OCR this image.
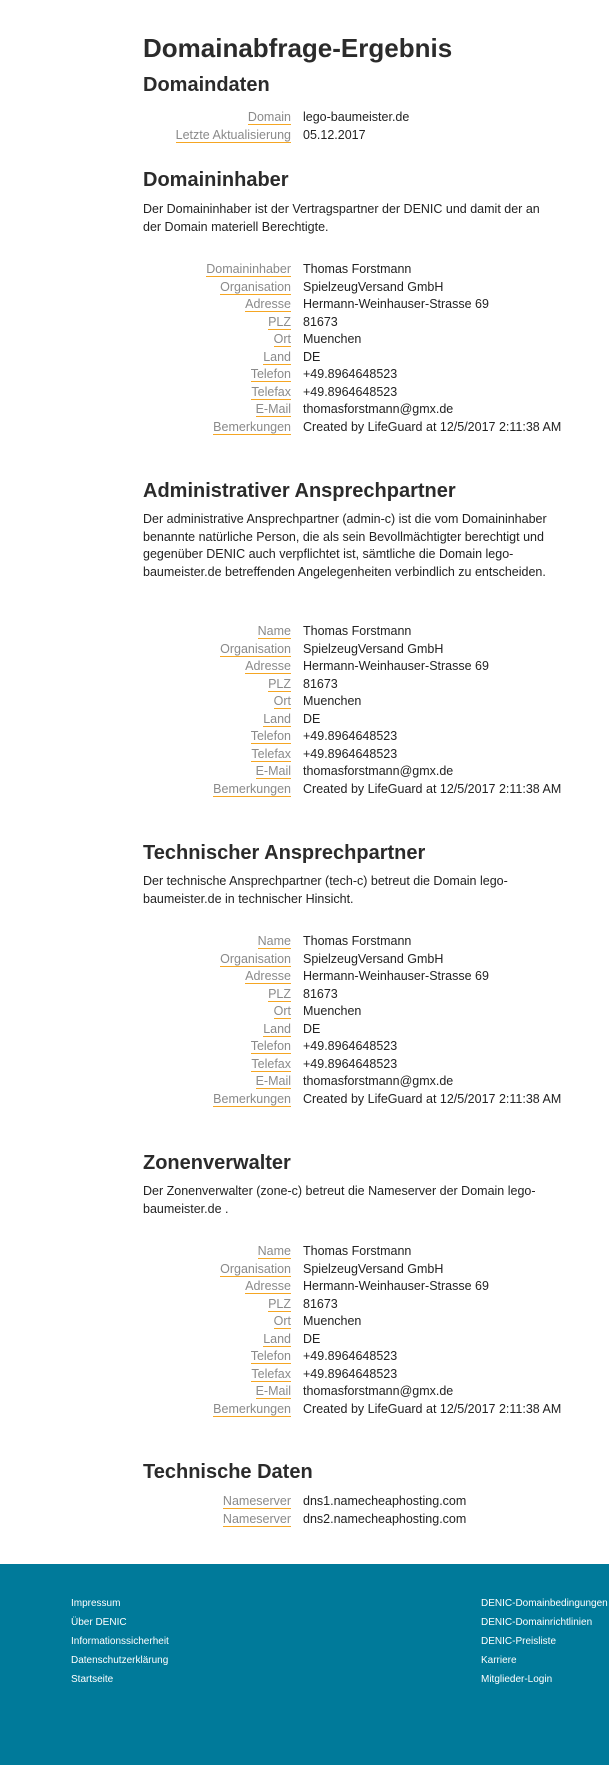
Domainabfrage-Ergebnis
Domaindaten
Domain lego-baumeister.de
Letzte Aktualisierung 05.12.2017
Domaininhaber

Der Domaininhaber ist der Vertragspartner der DENIC und damit der an der Domain materiell Berechtigte.

Domaininhaber Thomas Forstmann
Organisation SpielzeugVersand GmbH
Adresse Hermann-Weinhauser-Strasse 69
PLZ 81673
Ort Muenchen
Land DE
Telefon +49.8964648523
Telefax +49.8964648523
E-Mail thomasforstmann@gmx.de
Bemerkungen Created by LifeGuard at 12/5/2017 2:11:38 AM
Administrativer Ansprechpartner

Der administrative Ansprechpartner (admin-c) ist die vom Domaininhaber benannte natürliche Person, die als sein Bevollmächtigter berechtigt und gegenüber DENIC auch verpflichtet ist, sämtliche die Domain lego-baumeister.de betreffenden Angelegenheiten verbindlich zu entscheiden.

Name Thomas Forstmann
Organisation SpielzeugVersand GmbH
Adresse Hermann-Weinhauser-Strasse 69
PLZ 81673
Ort Muenchen
Land DE
Telefon +49.8964648523
Telefax +49.8964648523
E-Mail thomasforstmann@gmx.de
Bemerkungen Created by LifeGuard at 12/5/2017 2:11:38 AM
Technischer Ansprechpartner

Der technische Ansprechpartner (tech-c) betreut die Domain lego-baumeister.de in technischer Hinsicht.

Name Thomas Forstmann
Organisation SpielzeugVersand GmbH
Adresse Hermann-Weinhauser-Strasse 69
PLZ 81673
Ort Muenchen
Land DE
Telefon +49.8964648523
Telefax +49.8964648523
E-Mail thomasforstmann@gmx.de
Bemerkungen Created by LifeGuard at 12/5/2017 2:11:38 AM
Zonenverwalter

Der Zonenverwalter (zone-c) betreut die Nameserver der Domain lego-baumeister.de .

Name Thomas Forstmann
Organisation SpielzeugVersand GmbH
Adresse Hermann-Weinhauser-Strasse 69
PLZ 81673
Ort Muenchen
Land DE
Telefon +49.8964648523
Telefax +49.8964648523
E-Mail thomasforstmann@gmx.de
Bemerkungen Created by LifeGuard at 12/5/2017 2:11:38 AM
Technische Daten
Nameserver dns1.namecheaphosting.com
Nameserver dns2.namecheaphosting.com
Impressum
Über DENIC
Informationssicherheit
Datenschutzerklärung
Startseite
DENIC-Domainbedingungen
DENIC-Domainrichtlinien
DENIC-Preisliste
Karriere
Mitglieder-Login
